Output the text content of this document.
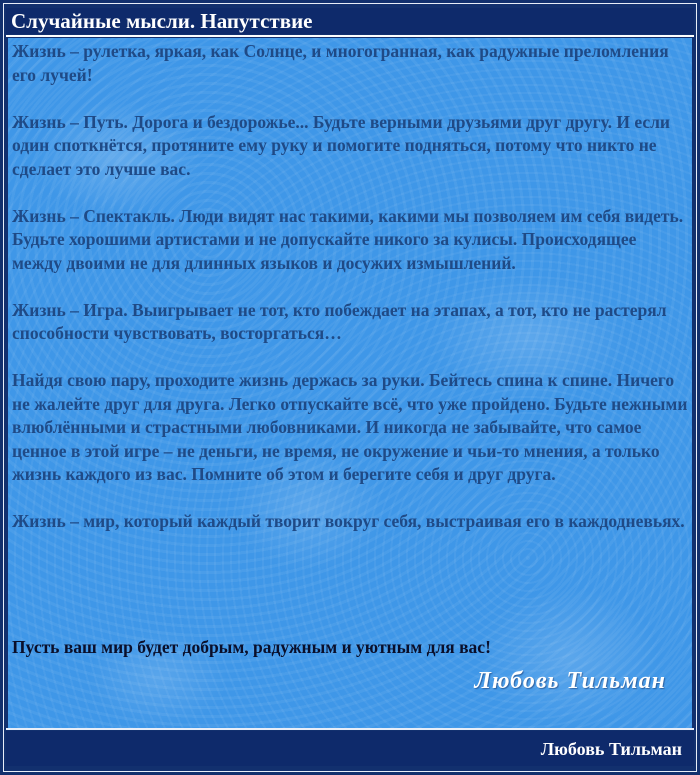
Случайные мысли. Напутствие

Жизнь – рулетка, яркая, как Солнце, и многогранная, как радужные преломления его лучей!

Жизнь – Путь. Дорога и бездорожье... Будьте верными друзьями друг другу. И если один споткнётся, протяните ему руку и помогите подняться, потому что никто не сделает это лучше вас.

Жизнь – Спектакль. Люди видят нас такими, какими мы позволяем им себя видеть. Будьте хорошими артистами и не допускайте никого за кулисы. Происходящее между двоими не для длинных языков и досужих измышлений.

Жизнь – Игра. Выигрывает не тот, кто побеждает на этапах, а тот, кто не растерял способности чувствовать, восторгаться…

Найдя свою пару, проходите жизнь держась за руки. Бейтесь спина к спине. Ничего не жалейте друг для друга. Легко отпускайте всё, что уже пройдено. Будьте нежными влюблёнными и страстными любовниками. И никогда не забывайте, что самое ценное в этой игре – не деньги, не время, не окружение и чьи-то мнения, а только жизнь каждого из вас. Помните об этом и берегите себя и друг друга.

Жизнь – мир, который каждый творит вокруг себя, выстраивая его в каждодневьях.

Пусть ваш мир будет добрым, радужным и уютным для вас!
Любовь Тильман
Любовь Тильман
